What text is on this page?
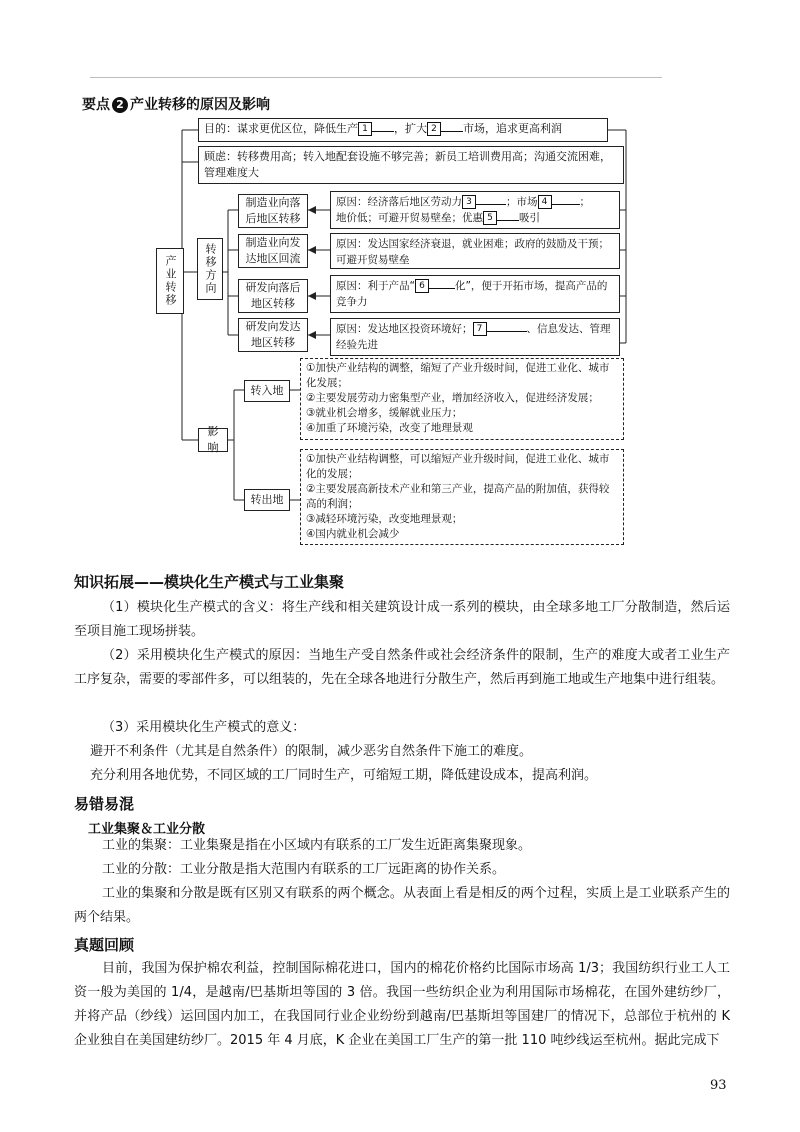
要点 2 产业转移的原因及影响
产业转移
目的：谋求更优区位，降低生产 1 ，扩大 2 市场，追求更高利润
顾虑：转移费用高；转入地配套设施不够完善；新员工培训费用高；沟通交流困难，管理难度大
转移方向
制造业向落后地区转移
制造业向发达地区回流
研发向落后地区转移
研发向发达地区转移
原因：经济落后地区劳动力 3	；市场 4	；
地价低；可避开贸易壁垒；优惠 5 吸引
原因：发达国家经济衰退，就业困难；政府的鼓励及干预；可避开贸易壁垒
原因：利于产品“ 6	化”，便于开拓市场，提高产品的竞争力
原因：发达地区投资环境好； 7	、信息发达、管理经验先进
影响
转入地
转出地
①加快产业结构的调整，缩短了产业升级时间，促进工业化、城市化发展；
②主要发展劳动力密集型产业，增加经济收入，促进经济发展；
③就业机会增多，缓解就业压力；
④加重了环境污染，改变了地理景观
①加快产业结构调整，可以缩短产业升级时间，促进工业化、城市化的发展；
②主要发展高新技术产业和第三产业，提高产品的附加值，获得较高的利润；
③减轻环境污染，改变地理景观；
④国内就业机会减少
知识拓展——模块化生产模式与工业集聚
（1）模块化生产模式的含义：将生产线和相关建筑设计成一系列的模块，由全球多地工厂分散制造，然后运至项目施工现场拼装。
（2）采用模块化生产模式的原因：当地生产受自然条件或社会经济条件的限制，生产的难度大或者工业生产工序复杂，需要的零部件多，可以组装的，先在全球各地进行分散生产，然后再到施工地或生产地集中进行组装。
（3）采用模块化生产模式的意义：
避开不利条件（尤其是自然条件）的限制，减少恶劣自然条件下施工的难度。
充分利用各地优势，不同区域的工厂同时生产，可缩短工期，降低建设成本，提高利润。
易错易混
工业集聚＆工业分散
工业的集聚：工业集聚是指在小区域内有联系的工厂发生近距离集聚现象。
工业的分散：工业分散是指大范围内有联系的工厂远距离的协作关系。
工业的集聚和分散是既有区别又有联系的两个概念。从表面上看是相反的两个过程，实质上是工业联系产生的两个结果。
真题回顾
目前，我国为保护棉农利益，控制国际棉花进口，国内的棉花价格约比国际市场高 1/3；我国纺织行业工人工资一般为美国的 1/4，是越南/巴基斯坦等国的 3 倍。我国一些纺织企业为利用国际市场棉花，在国外建纺纱厂，并将产品（纱线）运回国内加工，在我国同行业企业纷纷到越南/巴基斯坦等国建厂的情况下，总部位于杭州的 K 企业独自在美国建纺纱厂。2015 年 4 月底，K 企业在美国工厂生产的第一批 110 吨纱线运至杭州。据此完成下
93
